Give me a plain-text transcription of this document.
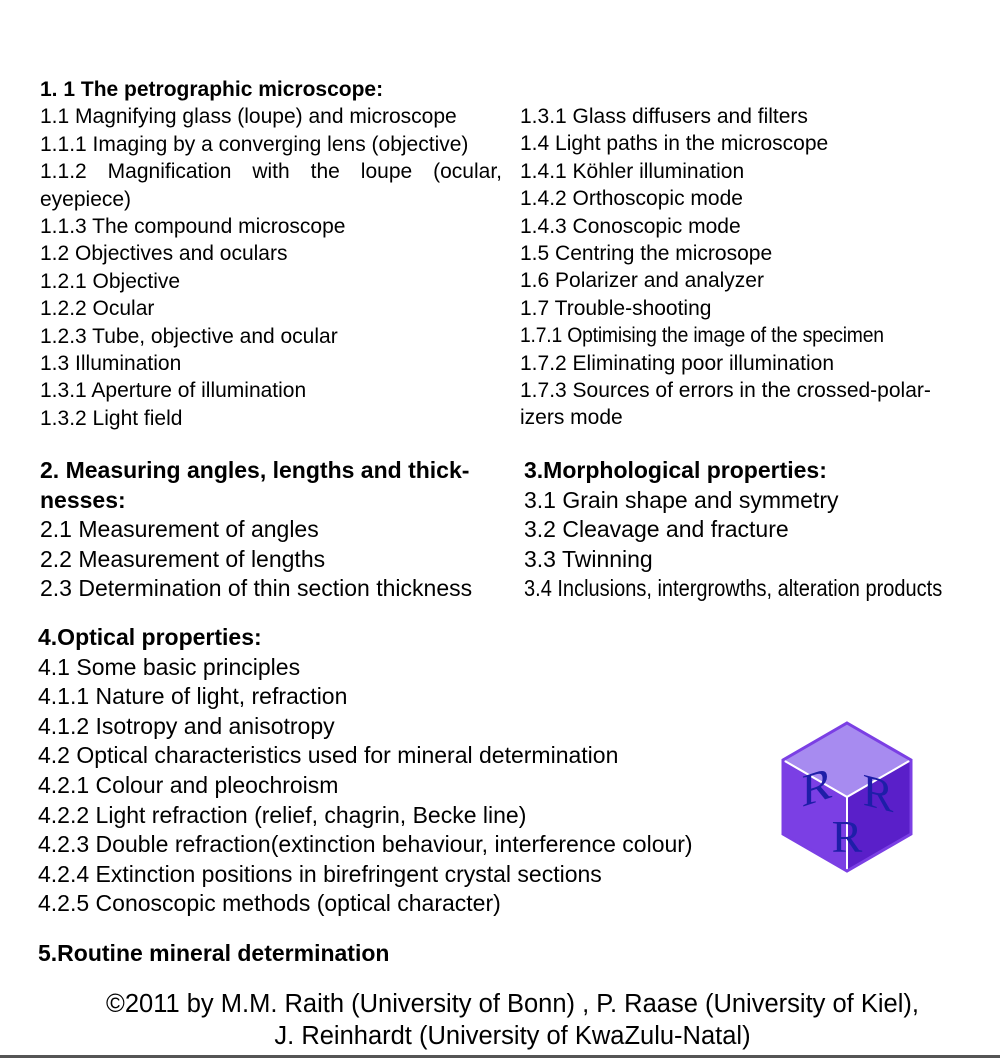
1. 1 The petrographic microscope:
1.1 Magnifying glass (loupe) and microscope
1.1.1 Imaging by a converging lens (objective)
1.1.2 Magnification with the loupe (ocular,
eyepiece)
1.1.3 The compound microscope
1.2 Objectives and oculars
1.2.1 Objective
1.2.2 Ocular
1.2.3 Tube, objective and ocular
1.3 Illumination
1.3.1 Aperture of illumination
1.3.2 Light field
1.3.1 Glass diffusers and filters
1.4 Light paths in the microscope
1.4.1 Köhler illumination
1.4.2 Orthoscopic mode
1.4.3 Conoscopic mode
1.5 Centring the microsope
1.6 Polarizer and analyzer
1.7 Trouble-shooting
1.7.1 Optimising the image of the specimen
1.7.2 Eliminating poor illumination
1.7.3 Sources of errors in the crossed-polar-
izers mode
2. Measuring angles, lengths and thick-
nesses:
2.1 Measurement of angles
2.2 Measurement of lengths
2.3 Determination of thin section thickness
3.Morphological properties:
3.1 Grain shape and symmetry
3.2 Cleavage and fracture
3.3 Twinning
3.4 Inclusions, intergrowths, alteration products
4.Optical properties:
4.1 Some basic principles
4.1.1 Nature of light, refraction
4.1.2 Isotropy and anisotropy
4.2 Optical characteristics used for mineral determination
4.2.1 Colour and pleochroism
4.2.2 Light refraction (relief, chagrin, Becke line)
4.2.3 Double refraction(extinction behaviour, interference colour)
4.2.4 Extinction positions in birefringent crystal sections
4.2.5 Conoscopic methods (optical character)
5.Routine mineral determination
R R
R
©2011 by M.M. Raith (University of Bonn) , P. Raase (University of Kiel),
J. Reinhardt (University of KwaZulu-Natal)
